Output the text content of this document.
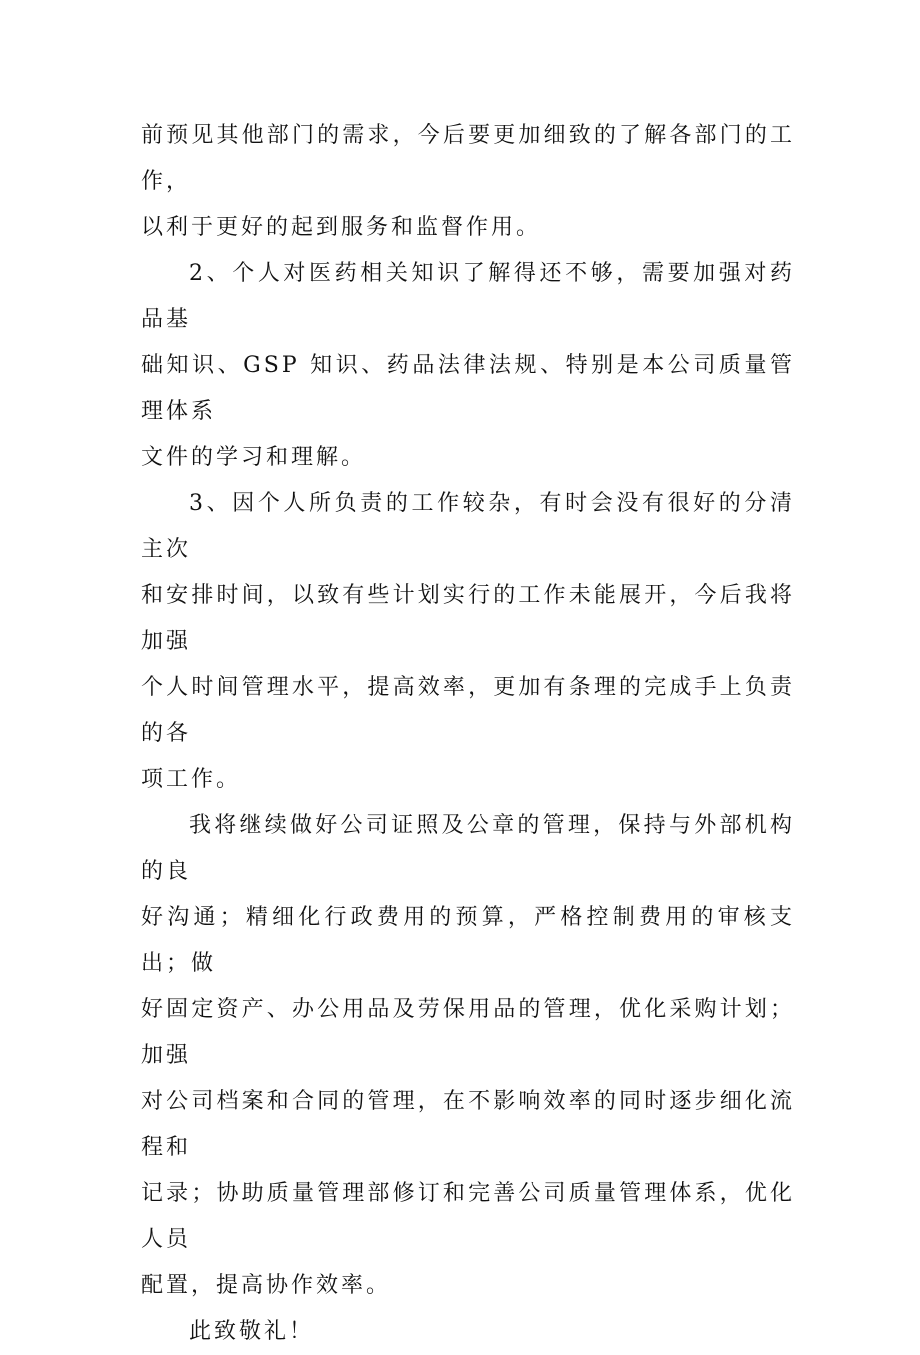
前预见其他部门的需求，今后要更加细致的了解各部门的工作，
以利于更好的起到服务和监督作用。

2、个人对医药相关知识了解得还不够，需要加强对药品基
础知识、GSP 知识、药品法律法规、特别是本公司质量管理体系
文件的学习和理解。

3、因个人所负责的工作较杂，有时会没有很好的分清主次
和安排时间，以致有些计划实行的工作未能展开，今后我将加强
个人时间管理水平，提高效率，更加有条理的完成手上负责的各
项工作。

我将继续做好公司证照及公章的管理，保持与外部机构的良
好沟通；精细化行政费用的预算，严格控制费用的审核支出；做
好固定资产、办公用品及劳保用品的管理，优化采购计划；加强
对公司档案和合同的管理，在不影响效率的同时逐步细化流程和
记录；协助质量管理部修订和完善公司质量管理体系，优化人员
配置，提高协作效率。

此致敬礼！
